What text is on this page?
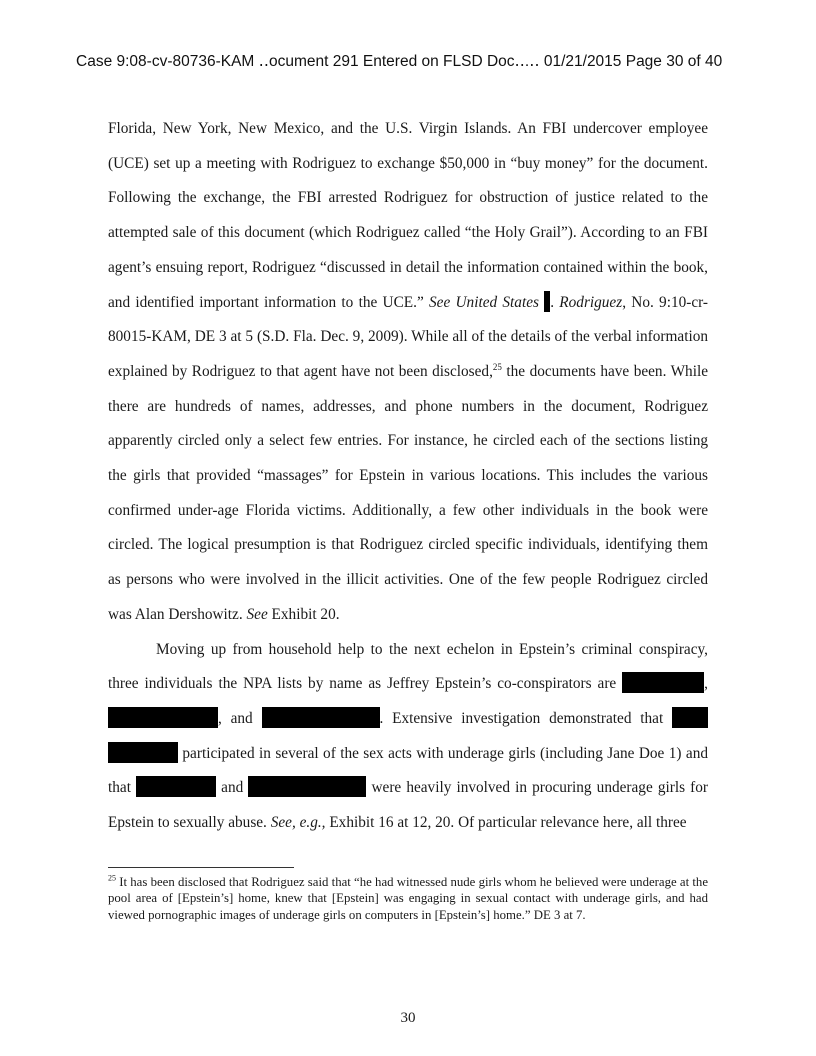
Case 9:08-cv-80736-KAM ‥ocument 291 Entered on FLSD Doc‥.‥ 01/21/2015 Page 30 of 40

Florida, New York, New Mexico, and the U.S. Virgin Islands. An FBI undercover employee (UCE) set up a meeting with Rodriguez to exchange $50,000 in “buy money” for the document. Following the exchange, the FBI arrested Rodriguez for obstruction of justice related to the attempted sale of this document (which Rodriguez called “the Holy Grail”). According to an FBI agent’s ensuing report, Rodriguez “discussed in detail the information contained within the book, and identified important information to the UCE.” See United States . Rodriguez, No. 9:10-cr-80015-KAM, DE 3 at 5 (S.D. Fla. Dec. 9, 2009). While all of the details of the verbal information explained by Rodriguez to that agent have not been disclosed,$^{25}$ the documents have been. While there are hundreds of names, addresses, and phone numbers in the document, Rodriguez apparently circled only a select few entries. For instance, he circled each of the sections listing the girls that provided “massages” for Epstein in various locations. This includes the various confirmed under-age Florida victims. Additionally, a few other individuals in the book were circled. The logical presumption is that Rodriguez circled specific individuals, identifying them as persons who were involved in the illicit activities. One of the few people Rodriguez circled was Alan Dershowitz. See Exhibit 20.

Moving up from household help to the next echelon in Epstein’s criminal conspiracy, three individuals the NPA lists by name as Jeffrey Epstein’s co-conspirators are	, , and	. Extensive investigation demonstrated that   participated in several of the sex acts with underage girls (including Jane Doe 1) and that	and	were heavily involved in procuring underage girls for Epstein to sexually abuse. See, e.g., Exhibit 16 at 12, 20. Of particular relevance here, all three

$^{25}$ It has been disclosed that Rodriguez said that “he had witnessed nude girls whom he believed were underage at the pool area of [Epstein’s] home, knew that [Epstein] was engaging in sexual contact with underage girls, and had viewed pornographic images of underage girls on computers in [Epstein’s] home.” DE 3 at 7.
30
